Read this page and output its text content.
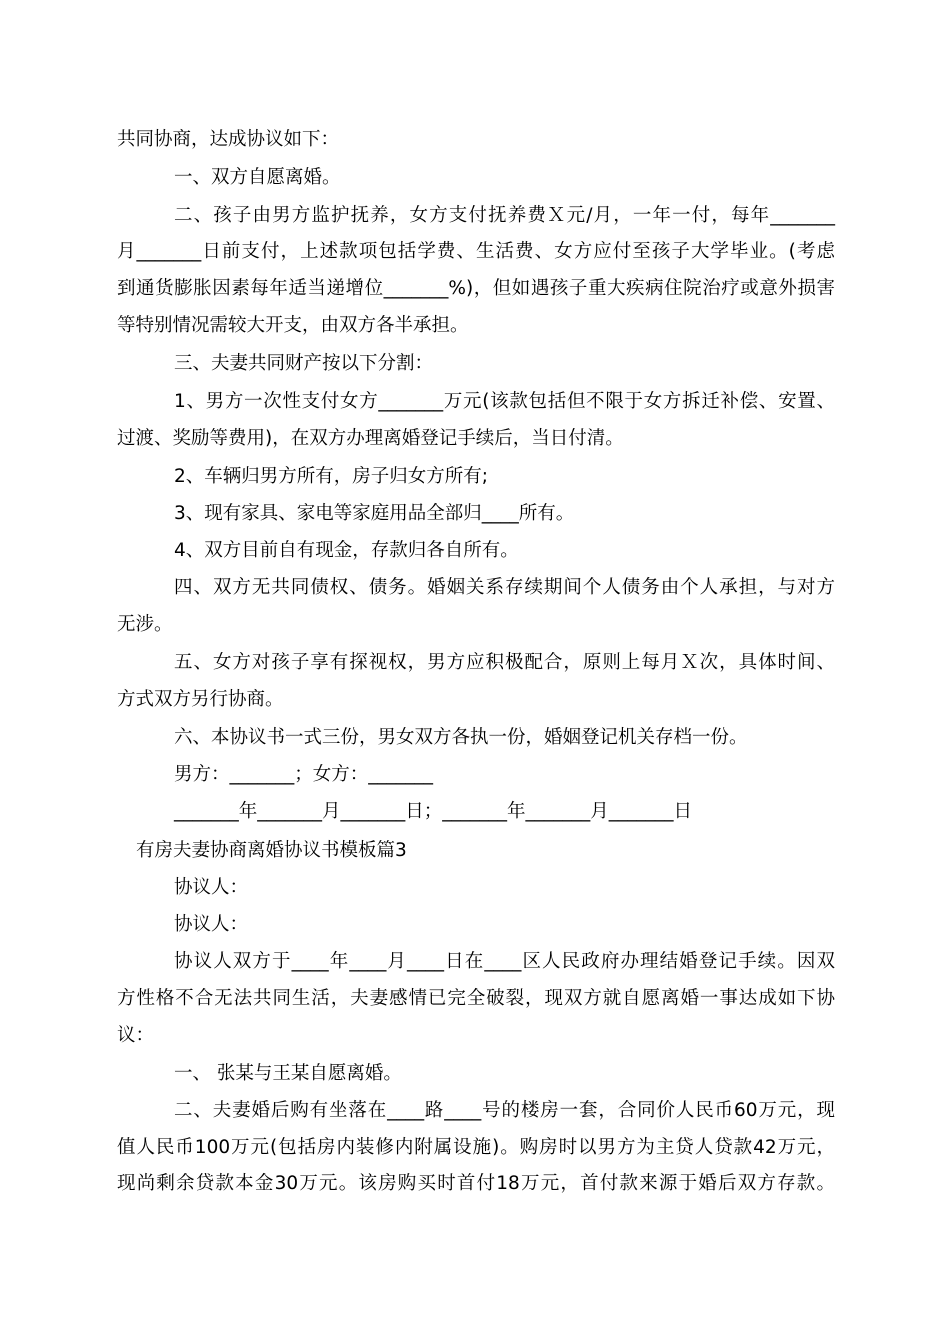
共同协商，达成协议如下：
一、双方自愿离婚。
二、孩子由男方监护抚养，女方支付抚养费Ｘ元/月，一年一付，每年_______
月_______日前支付，上述款项包括学费、生活费、女方应付至孩子大学毕业。(考虑
到通货膨胀因素每年适当递增位_______%)，但如遇孩子重大疾病住院治疗或意外损害
等特别情况需较大开支，由双方各半承担。
三、夫妻共同财产按以下分割：
1、男方一次性支付女方_______万元(该款包括但不限于女方拆迁补偿、安置、
过渡、奖励等费用)，在双方办理离婚登记手续后，当日付清。
2、车辆归男方所有，房子归女方所有;
3、现有家具、家电等家庭用品全部归____所有。
4、双方目前自有现金，存款归各自所有。
四、双方无共同债权、债务。婚姻关系存续期间个人债务由个人承担，与对方
无涉。
五、女方对孩子享有探视权，男方应积极配合，原则上每月Ｘ次，具体时间、
方式双方另行协商。
六、本协议书一式三份，男女双方各执一份，婚姻登记机关存档一份。
男方：_______；女方：_______
_______年_______月_______日；_______年_______月_______日
有房夫妻协商离婚协议书模板篇3
协议人：
协议人：
协议人双方于____年____月____日在____区人民政府办理结婚登记手续。因双
方性格不合无法共同生活，夫妻感情已完全破裂，现双方就自愿离婚一事达成如下协
议：
一、 张某与王某自愿离婚。
二、夫妻婚后购有坐落在____路____号的楼房一套，合同价人民币60万元，现
值人民币100万元(包括房内装修内附属设施)。购房时以男方为主贷人贷款42万元，
现尚剩余贷款本金30万元。该房购买时首付18万元，首付款来源于婚后双方存款。
